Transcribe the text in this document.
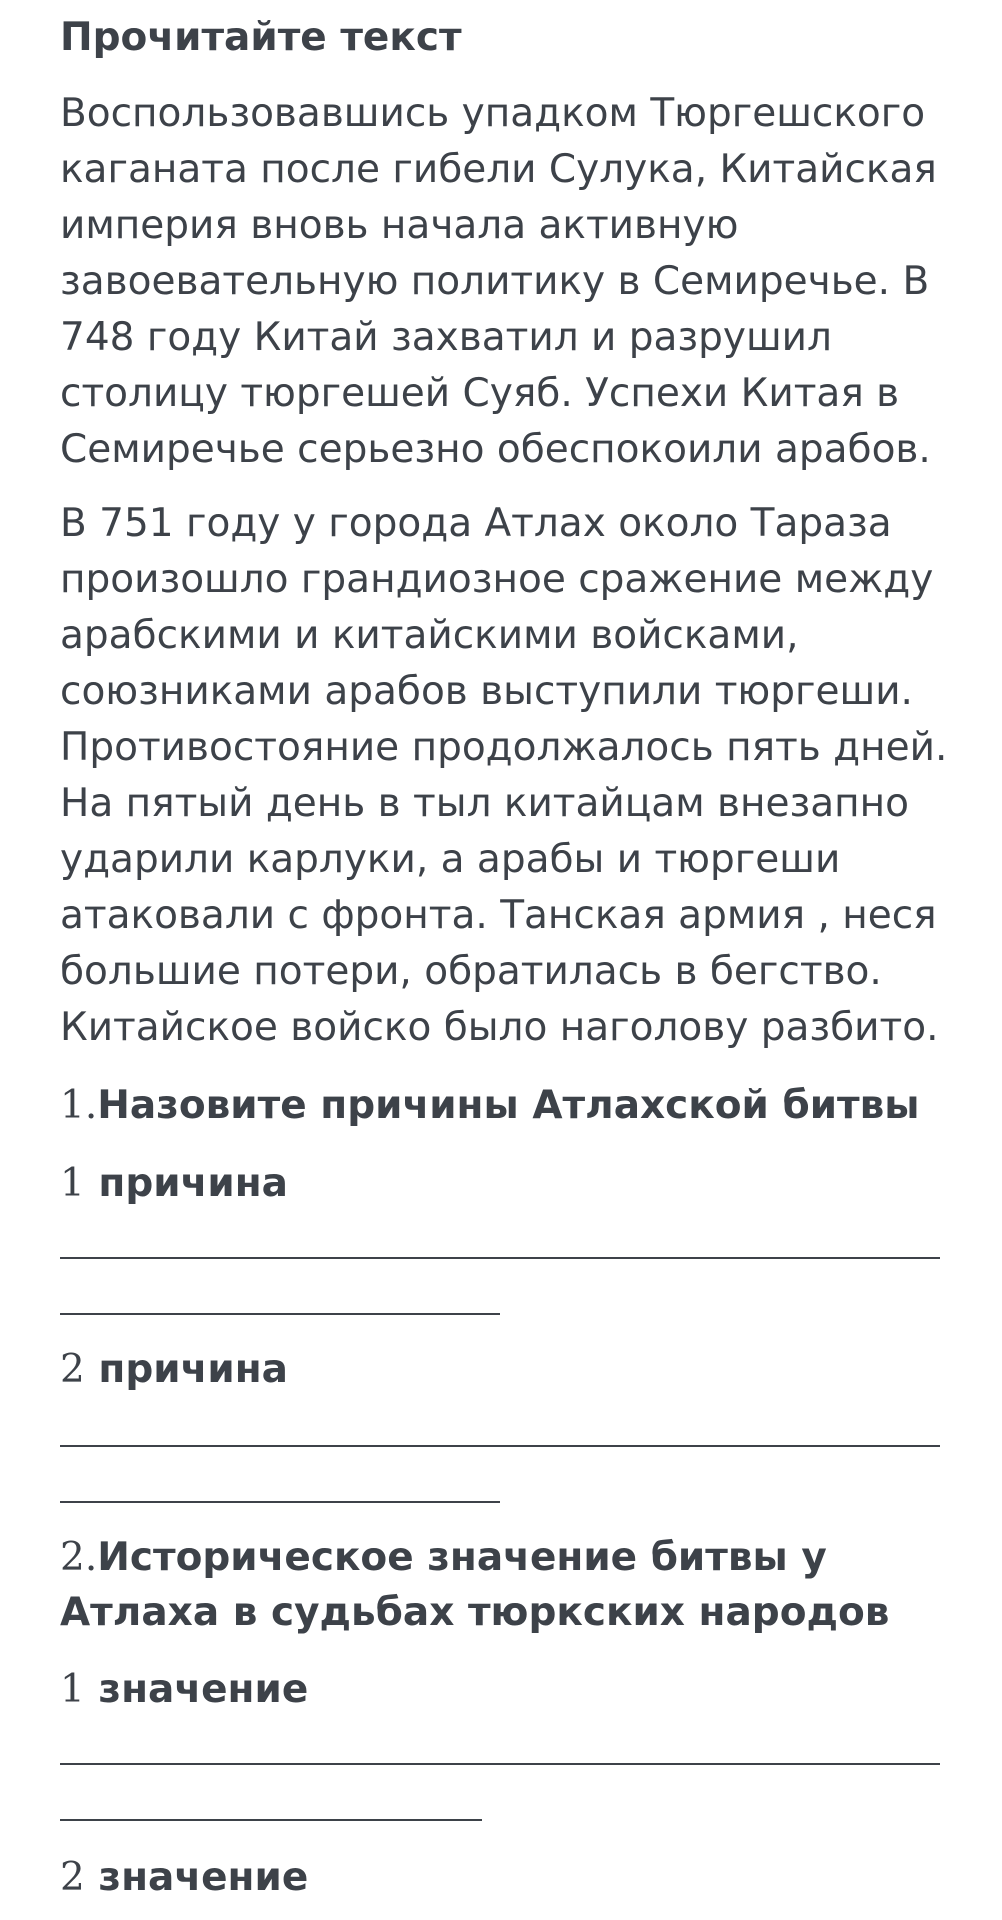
Прочитайте текст

Воспользовавшись упадком Тюргешского
каганата после гибели Сулука, Китайская
империя вновь начала активную
завоевательную политику в Семиречье. В
748 году Китай захватил и разрушил
столицу тюргешей Суяб. Успехи Китая в
Семиречье серьезно обеспокоили арабов.

В 751 году у города Атлах около Тараза
произошло грандиозное сражение между
арабскими и китайскими войсками,
союзниками арабов выступили тюргеши.
Противостояние продолжалось пять дней.
На пятый день в тыл китайцам внезапно
ударили карлуки, а арабы и тюргеши
атаковали с фронта. Танская армия , неся
большие потери, обратилась в бегство.
Китайское войско было наголову разбито.

1.Назовите причины Атлахской битвы
1 причина
2 причина
2.Историческое значение битвы у
Атлаха в судьбах тюркских народов
1 значение
2 значение
